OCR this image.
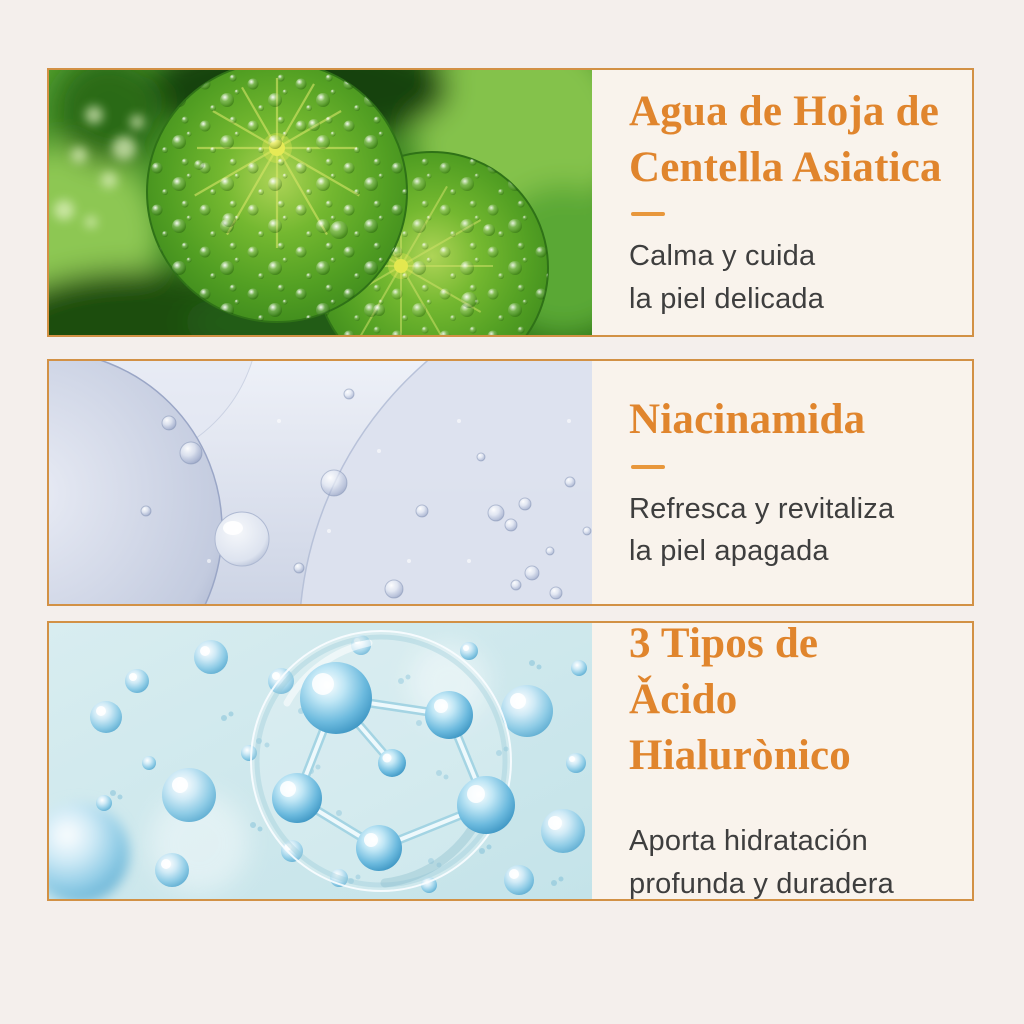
Agua de Hoja de
Centella Asiatica

Calma y cuida
la piel delicada

Niacinamida

Refresca y revitaliza
la piel apagada

3 Tipos de
Ǎcido Hialurònico

Aporta hidratación
profunda y duradera
